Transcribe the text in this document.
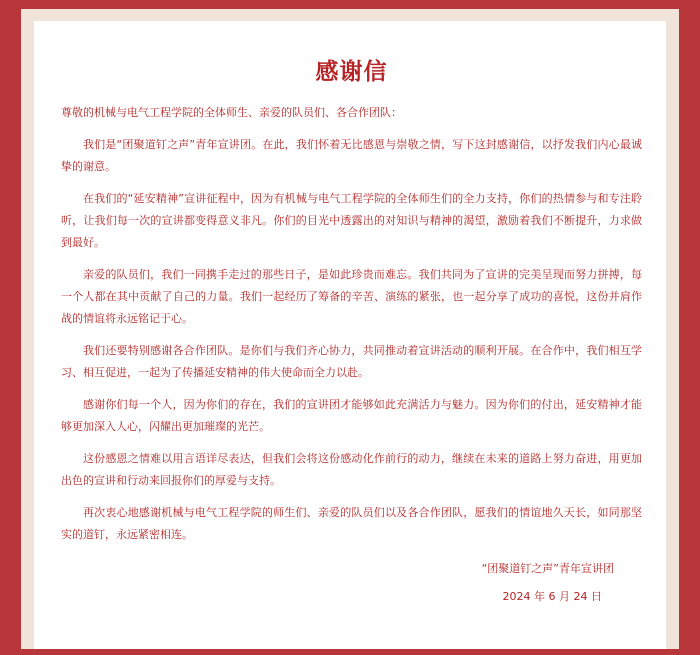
感谢信
尊敬的机械与电气工程学院的全体师生、亲爱的队员们、各合作团队：
我们是“团聚道钉之声”青年宣讲团。在此，我们怀着无比感恩与崇敬之情，写下这封感谢信，以抒发我们内心最诚挚的谢意。
在我们的“延安精神”宣讲征程中，因为有机械与电气工程学院的全体师生们的全力支持，你们的热情参与和专注聆听，让我们每一次的宣讲都变得意义非凡。你们的目光中透露出的对知识与精神的渴望，激励着我们不断提升，力求做到最好。
亲爱的队员们，我们一同携手走过的那些日子，是如此珍贵而难忘。我们共同为了宣讲的完美呈现而努力拼搏，每一个人都在其中贡献了自己的力量。我们一起经历了筹备的辛苦、演练的紧张，也一起分享了成功的喜悦，这份并肩作战的情谊将永远铭记于心。
我们还要特别感谢各合作团队。是你们与我们齐心协力，共同推动着宣讲活动的顺利开展。在合作中，我们相互学习、相互促进，一起为了传播延安精神的伟大使命而全力以赴。
感谢你们每一个人，因为你们的存在，我们的宣讲团才能够如此充满活力与魅力。因为你们的付出，延安精神才能够更加深入人心，闪耀出更加璀璨的光芒。
这份感恩之情难以用言语详尽表达，但我们会将这份感动化作前行的动力，继续在未来的道路上努力奋进，用更加出色的宣讲和行动来回报你们的厚爱与支持。
再次衷心地感谢机械与电气工程学院的师生们、亲爱的队员们以及各合作团队，愿我们的情谊地久天长，如同那坚实的道钉，永远紧密相连。
“团聚道钉之声”青年宣讲团
2024 年 6 月 24 日
